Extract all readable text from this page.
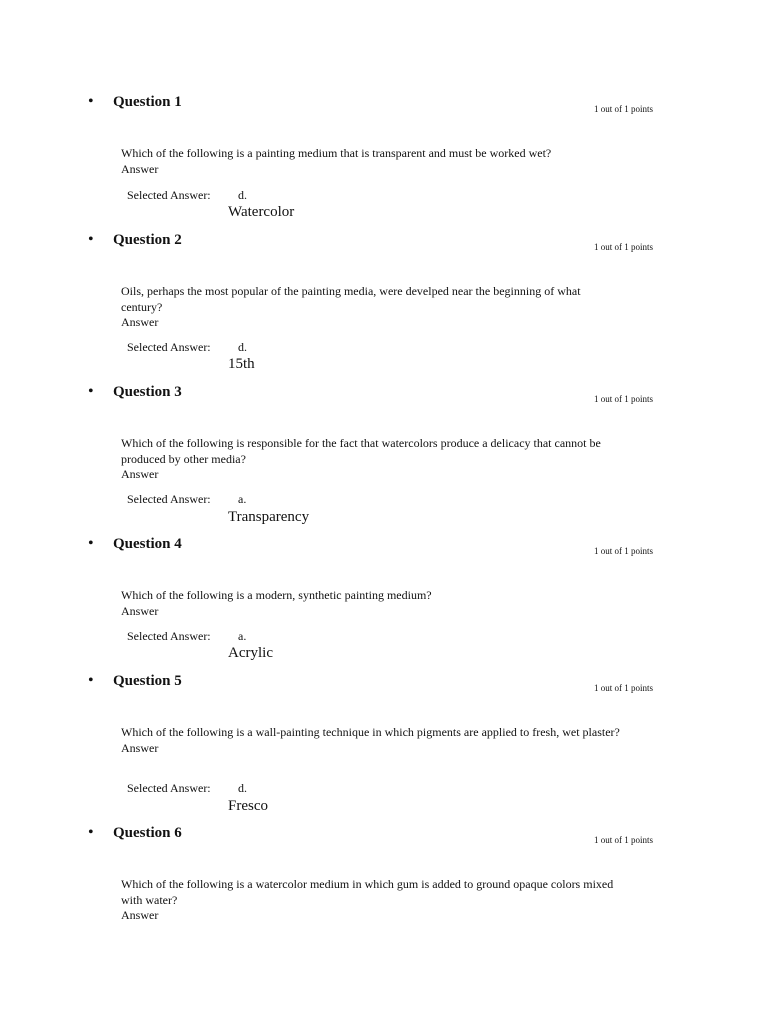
• Question 1	1 out of 1 points
Which of the following is a painting medium that is transparent and must be worked wet?
Answer
Selected Answer: d.
Watercolor
• Question 2	1 out of 1 points
Oils, perhaps the most popular of the painting media, were develped near the beginning of what century?
Answer
Selected Answer: d.
15th
• Question 3	1 out of 1 points
Which of the following is responsible for the fact that watercolors produce a delicacy that cannot be produced by other media?
Answer
Selected Answer: a.
Transparency
• Question 4	1 out of 1 points
Which of the following is a modern, synthetic painting medium?
Answer
Selected Answer: a.
Acrylic
• Question 5	1 out of 1 points
Which of the following is a wall-painting technique in which pigments are applied to fresh, wet plaster?
Answer
Selected Answer: d.
Fresco
• Question 6	1 out of 1 points
Which of the following is a watercolor medium in which gum is added to ground opaque colors mixed with water?
Answer
